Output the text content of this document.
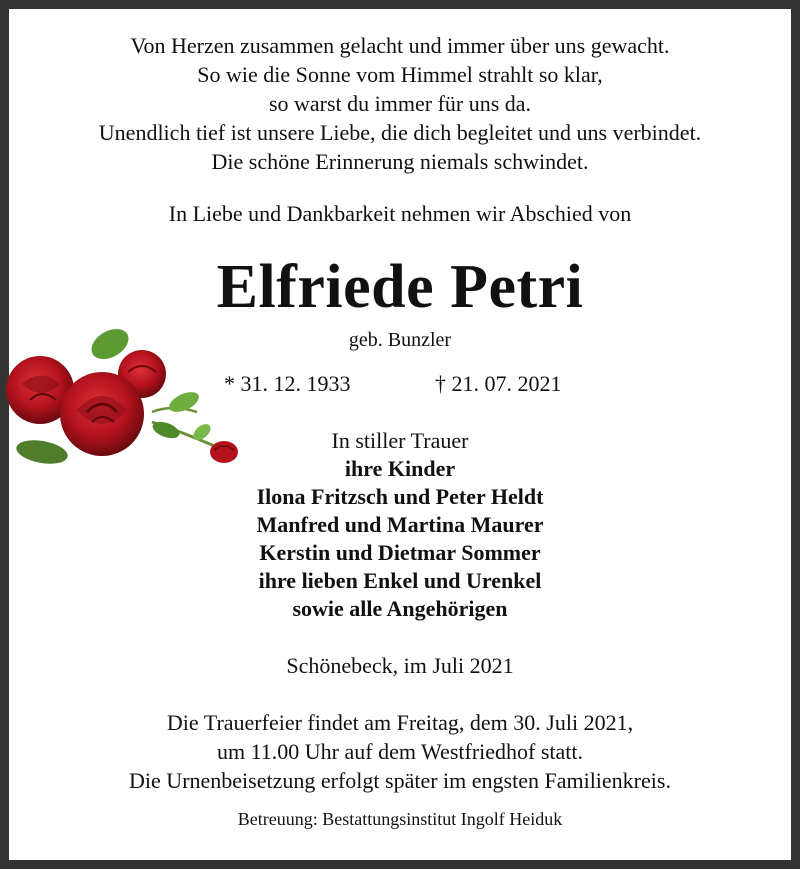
Von Herzen zusammen gelacht und immer über uns gewacht.
So wie die Sonne vom Himmel strahlt so klar,
so warst du immer für uns da.
Unendlich tief ist unsere Liebe, die dich begleitet und uns verbindet.
Die schöne Erinnerung niemals schwindet.
In Liebe und Dankbarkeit nehmen wir Abschied von
Elfriede Petri
geb. Bunzler
* 31. 12. 1933	† 21. 07. 2021
In stiller Trauer
ihre Kinder
Ilona Fritzsch und Peter Heldt
Manfred und Martina Maurer
Kerstin und Dietmar Sommer
ihre lieben Enkel und Urenkel
sowie alle Angehörigen
Schönebeck, im Juli 2021
Die Trauerfeier findet am Freitag, dem 30. Juli 2021,
um 11.00 Uhr auf dem Westfriedhof statt.
Die Urnenbeisetzung erfolgt später im engsten Familienkreis.
Betreuung: Bestattungsinstitut Ingolf Heiduk
